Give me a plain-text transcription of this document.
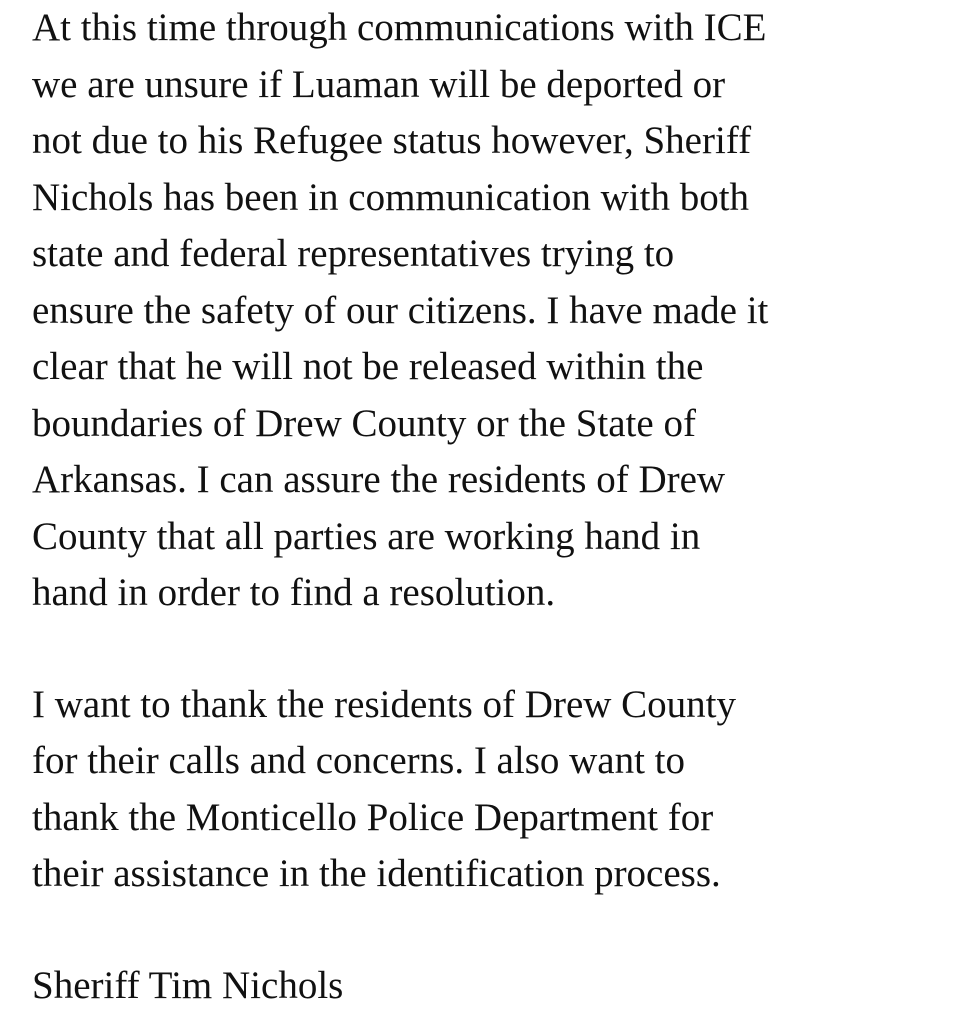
At this time through communications with ICE
we are unsure if Luaman will be deported or
not due to his Refugee status however, Sheriff
Nichols has been in communication with both
state and federal representatives trying to
ensure the safety of our citizens. I have made it
clear that he will not be released within the
boundaries of Drew County or the State of
Arkansas. I can assure the residents of Drew
County that all parties are working hand in
hand in order to find a resolution.

I want to thank the residents of Drew County
for their calls and concerns. I also want to
thank the Monticello Police Department for
their assistance in the identification process.

Sheriff Tim Nichols
